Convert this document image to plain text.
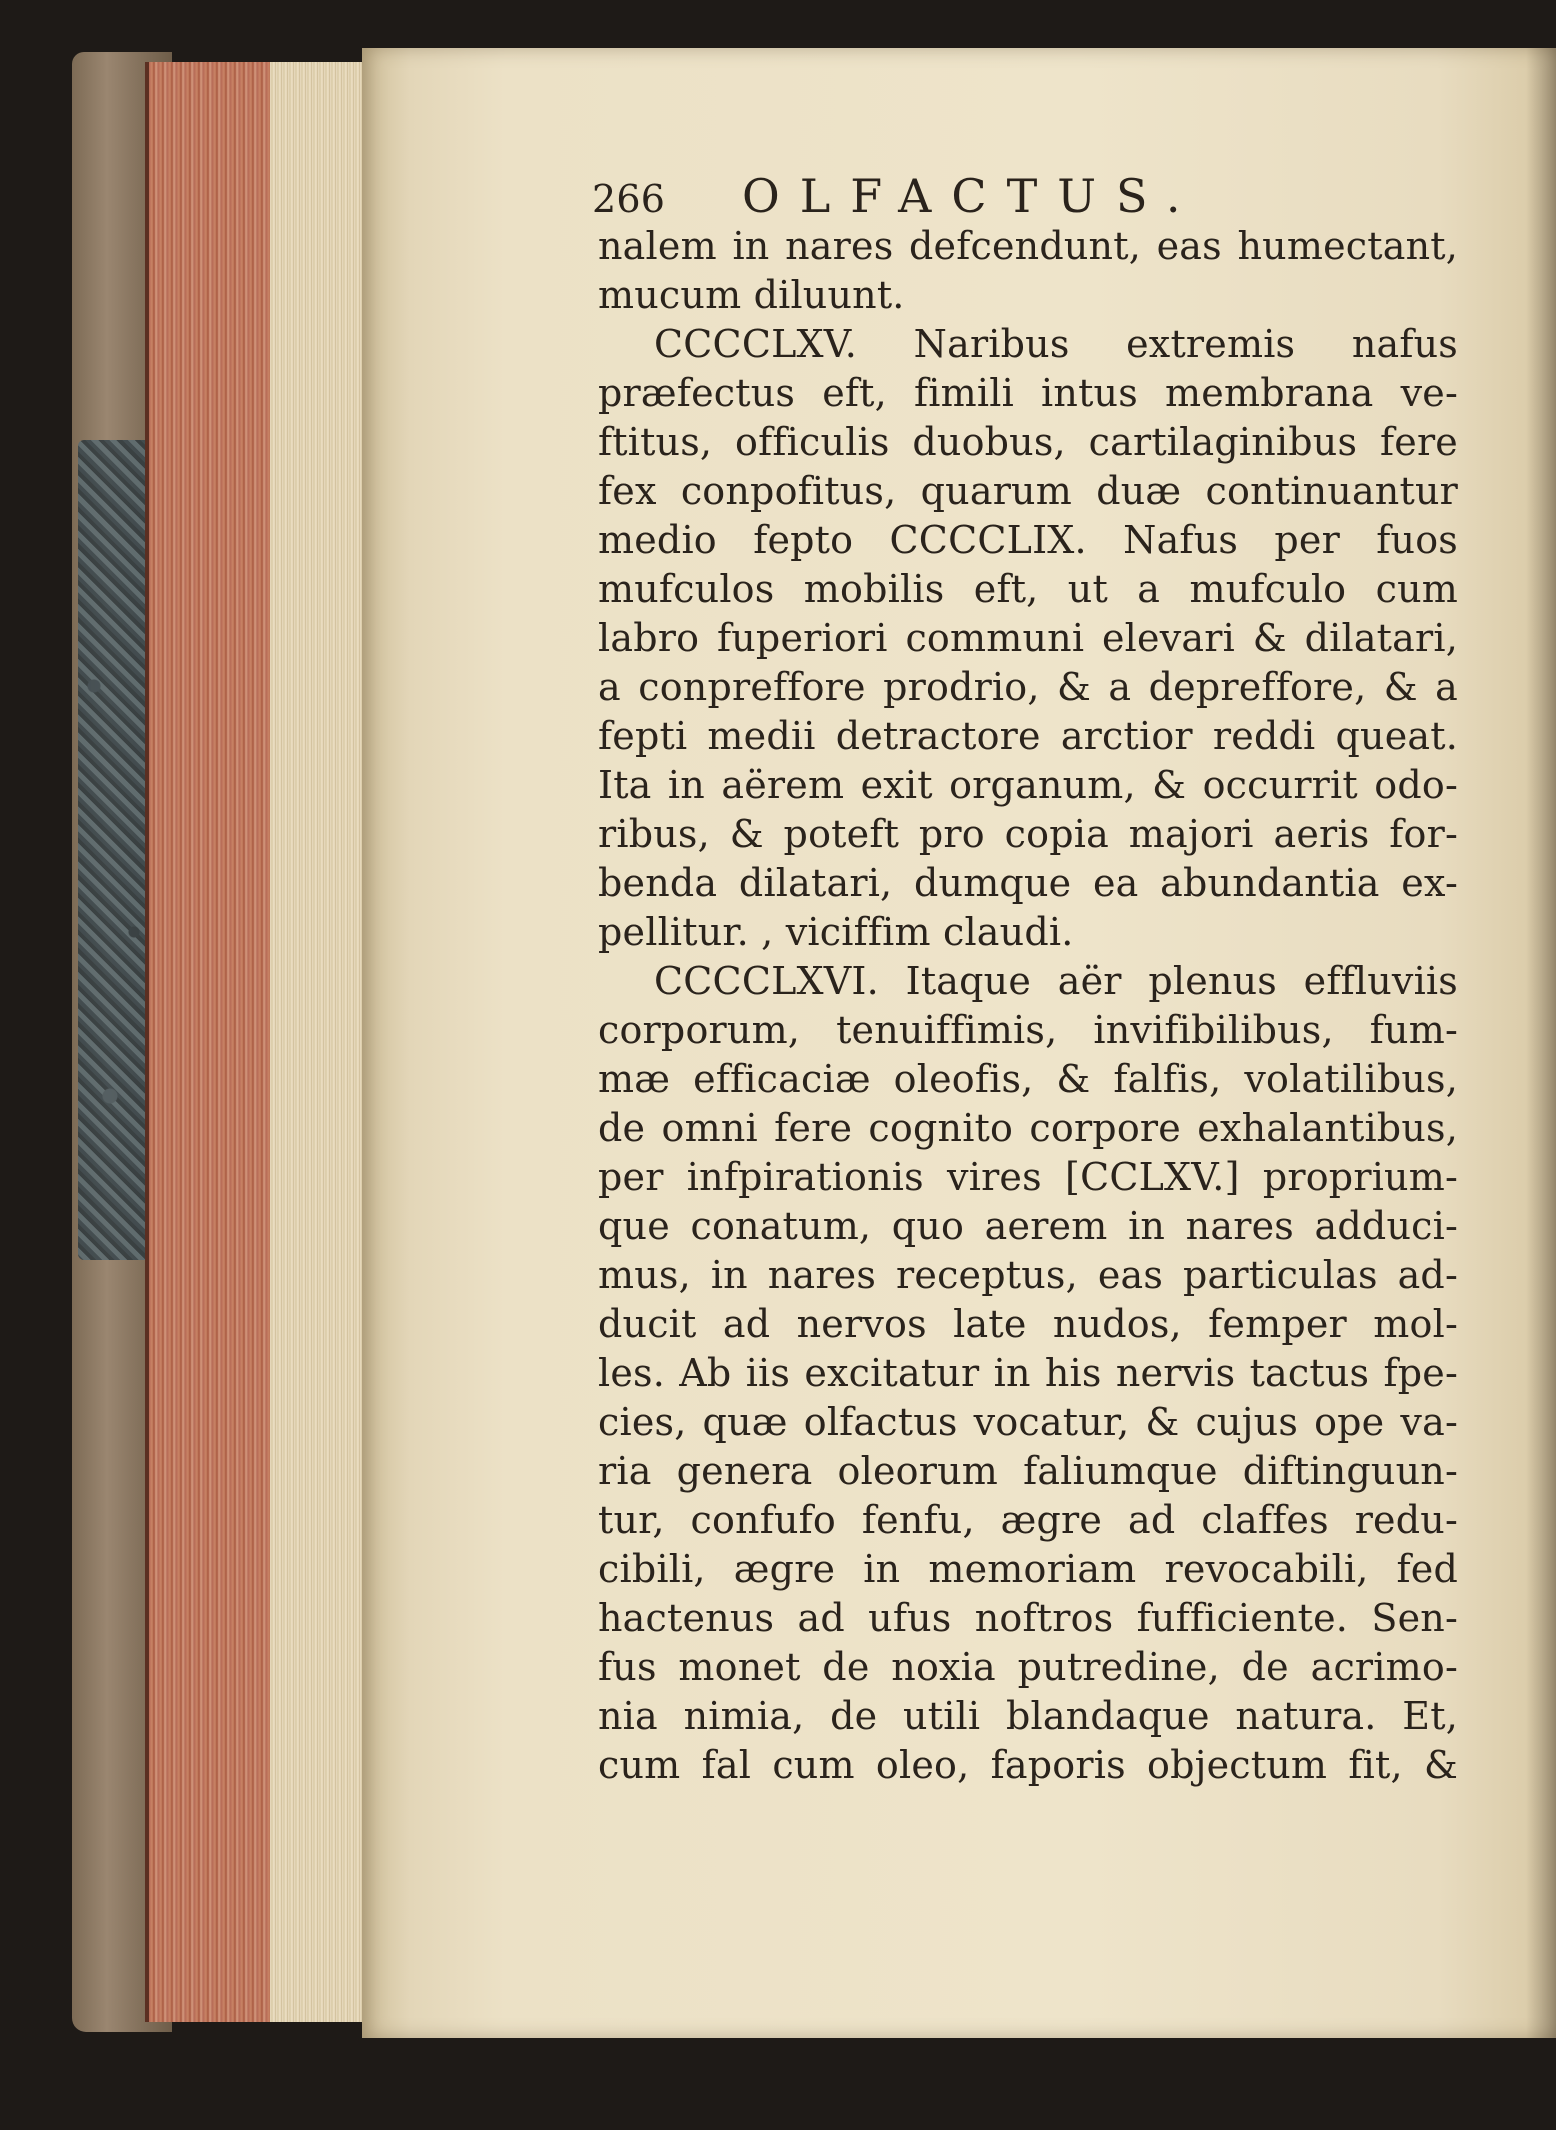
266	OLFACTUS.
nalem in nares defcendunt, eas humectant,
mucum diluunt.
CCCCLXV. Naribus extremis nafus
præfectus eft, fimili intus membrana ve-
ftitus, officulis duobus, cartilaginibus fere
fex conpofitus, quarum duæ continuantur
medio fepto CCCCLIX. Nafus per fuos
mufculos mobilis eft, ut a mufculo cum
labro fuperiori communi elevari & dilatari,
a conpreffore prodrio, & a depreffore, & a
fepti medii detractore arctior reddi queat.
Ita in aërem exit organum, & occurrit odo-
ribus, & poteft pro copia majori aeris for-
benda dilatari, dumque ea abundantia ex-
pellitur. , viciffim claudi.
CCCCLXVI. Itaque aër plenus effluviis
corporum, tenuiffimis, invifibilibus, fum-
mæ efficaciæ oleofis, & falfis, volatilibus,
de omni fere cognito corpore exhalantibus,
per infpirationis vires [CCLXV.] proprium-
que conatum, quo aerem in nares adduci-
mus, in nares receptus, eas particulas ad-
ducit ad nervos late nudos, femper mol-
les. Ab iis excitatur in his nervis tactus fpe-
cies, quæ olfactus vocatur, & cujus ope va-
ria genera oleorum faliumque diftinguun-
tur, confufo fenfu, ægre ad claffes redu-
cibili, ægre in memoriam revocabili, fed
hactenus ad ufus noftros fufficiente. Sen-
fus monet de noxia putredine, de acrimo-
nia nimia, de utili blandaque natura. Et,
cum fal cum oleo, faporis objectum fit, &
